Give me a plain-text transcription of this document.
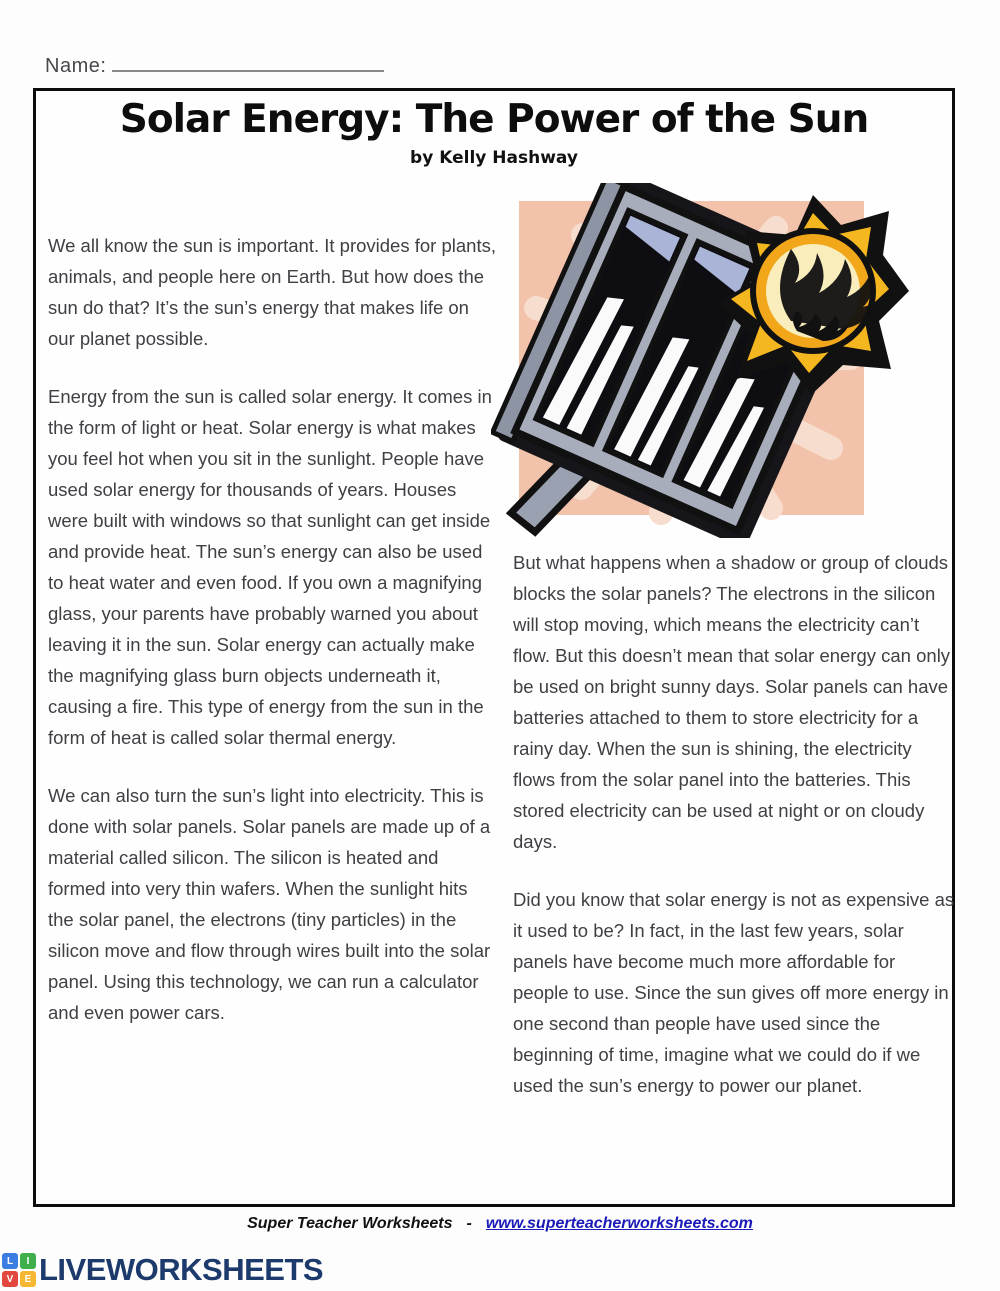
Name:
Solar Energy: The Power of the Sun
by Kelly Hashway

We all know the sun is important. It provides for plants, animals, and people here on Earth. But how does the sun do that? It’s the sun’s energy that makes life on our planet possible.

Energy from the sun is called solar energy. It comes in the form of light or heat. Solar energy is what makes you feel hot when you sit in the sunlight. People have used solar energy for thousands of years. Houses were built with windows so that sunlight can get inside and provide heat. The sun’s energy can also be used to heat water and even food. If you own a magnifying glass, your parents have probably warned you about leaving it in the sun. Solar energy can actually make the magnifying glass burn objects underneath it, causing a fire. This type of energy from the sun in the form of heat is called solar thermal energy.

We can also turn the sun’s light into electricity. This is done with solar panels. Solar panels are made up of a material called silicon. The silicon is heated and formed into very thin wafers. When the sunlight hits the solar panel, the electrons (tiny particles) in the silicon move and flow through wires built into the solar panel. Using this technology, we can run a calculator and even power cars.

But what happens when a shadow or group of clouds blocks the solar panels? The electrons in the silicon will stop moving, which means the electricity can’t flow. But this doesn’t mean that solar energy can only be used on bright sunny days. Solar panels can have batteries attached to them to store electricity for a rainy day. When the sun is shining, the electricity flows from the solar panel into the batteries. This stored electricity can be used at night or on cloudy days.

Did you know that solar energy is not as expensive as it used to be? In fact, in the last few years, solar panels have become much more affordable for people to use. Since the sun gives off more energy in one second than people have used since the beginning of time, imagine what we could do if we used the sun’s energy to power our planet.

Super Teacher Worksheets - www.superteacherworksheets.com
L	I
V	E LIVEWORKSHEETS
